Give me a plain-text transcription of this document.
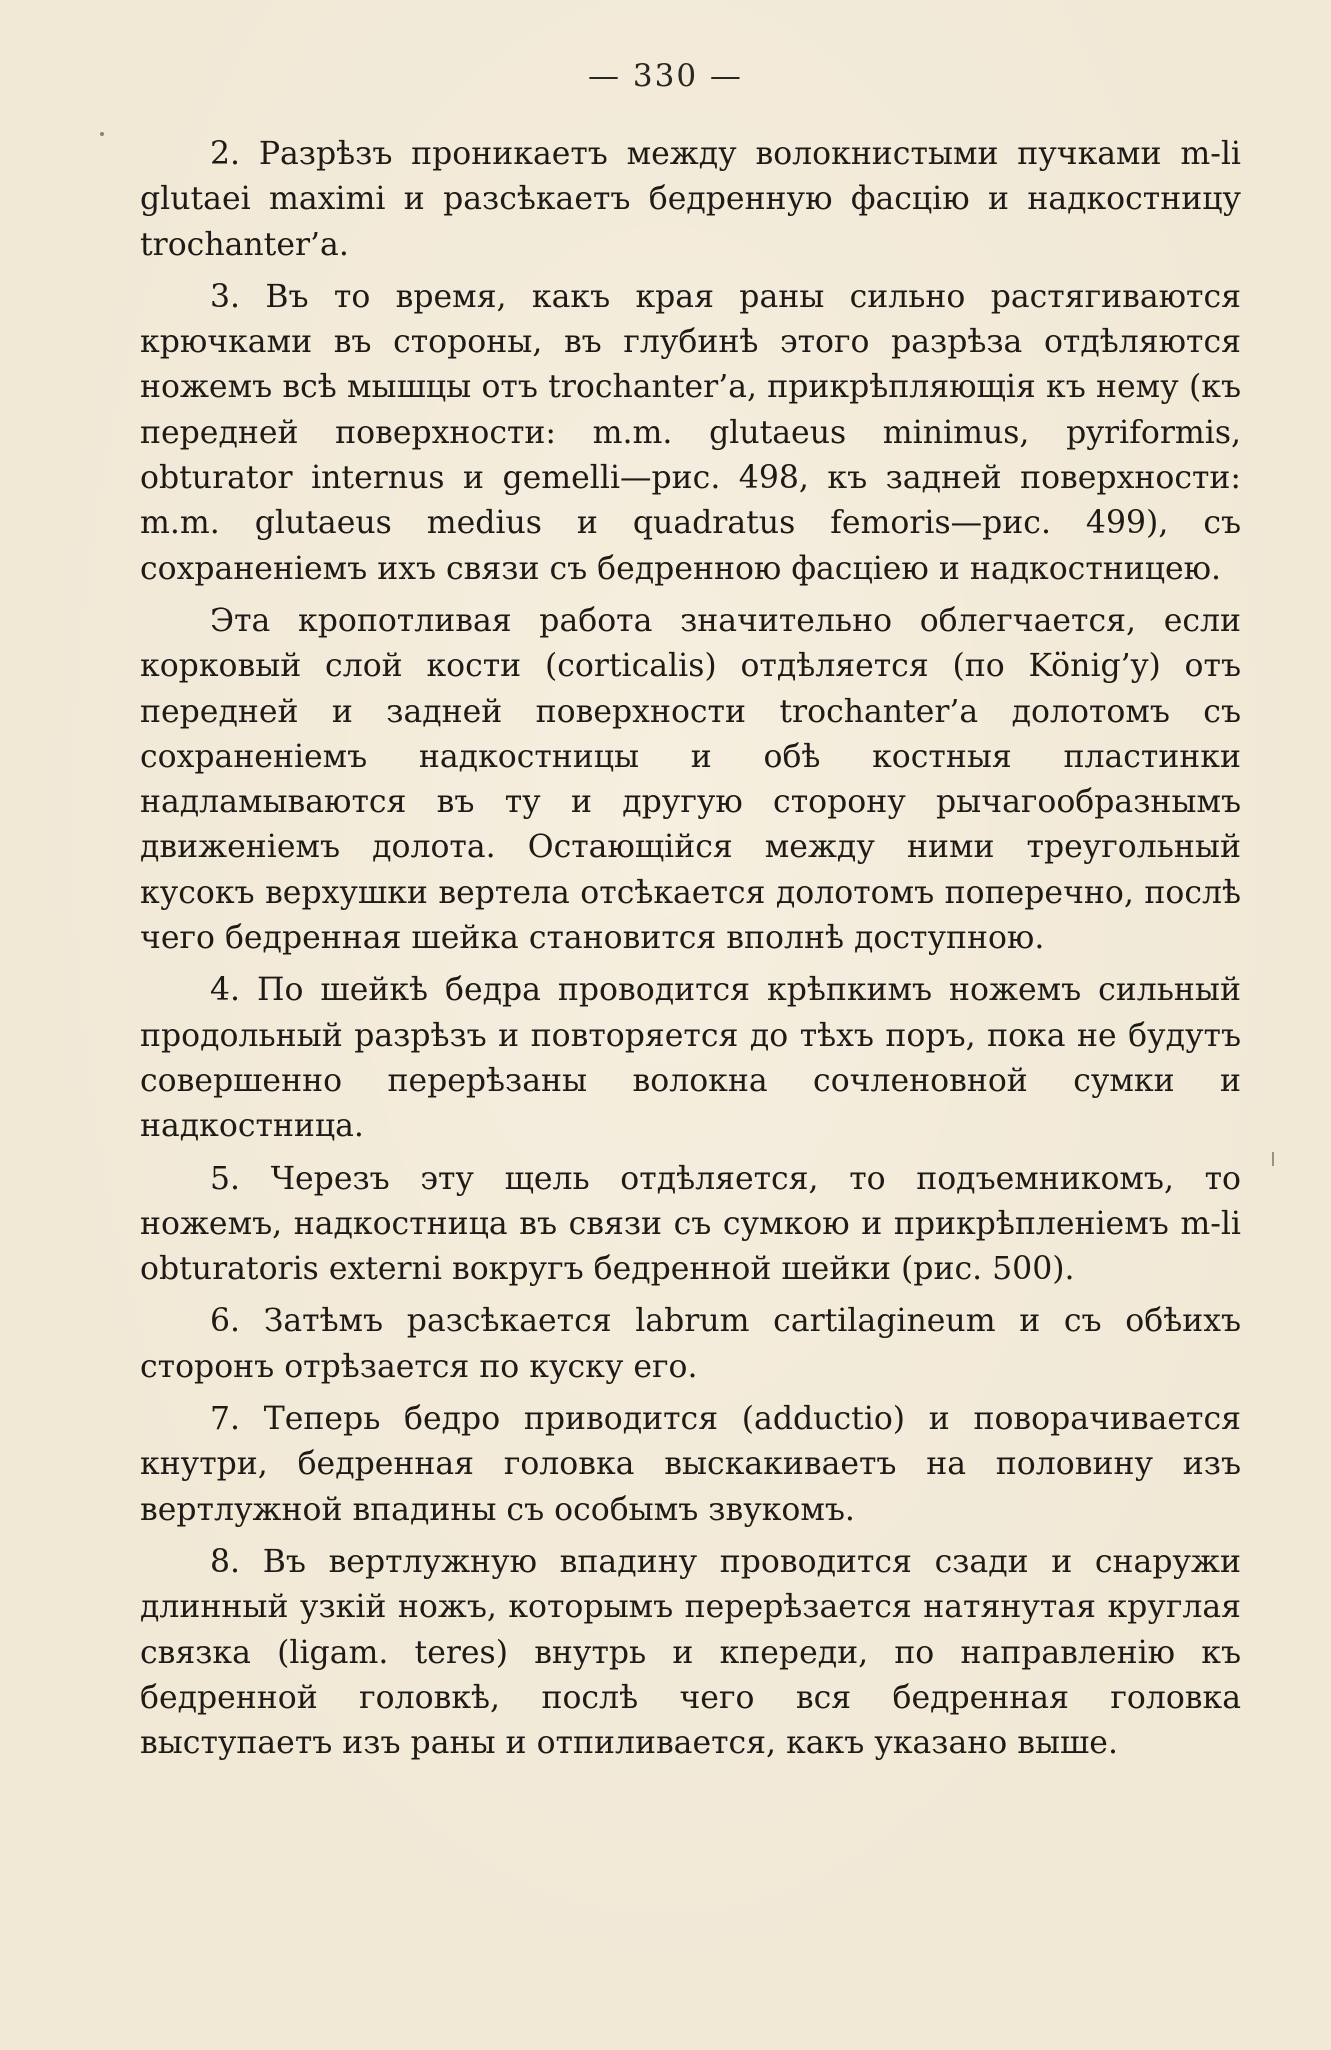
— 330 —

2. Разрѣзъ проникаетъ между волокнистыми пучками m-li glutaei maximi и разсѣкаетъ бедренную фасцію и надкостницу trochanter’a.

3. Въ то время, какъ края раны сильно растягиваются крючками въ стороны, въ глубинѣ этого разрѣза отдѣляются ножемъ всѣ мышцы отъ trochanter’a, прикрѣпляющія къ нему (къ передней поверхности: m.m. glutaeus minimus, pyriformis, obturator internus и gemelli—рис. 498, къ задней поверхности: m.m. glutaeus medius и quadratus femoris—рис. 499), съ сохраненіемъ ихъ связи съ бедренною фасціею и надкостницею.

Эта кропотливая работа значительно облегчается, если корковый слой кости (corticalis) отдѣляется (по König’y) отъ передней и задней поверхности trochanter’a долотомъ съ сохраненіемъ надкостницы и обѣ костныя пластинки надламываются въ ту и другую сторону рычагообразнымъ движеніемъ долота. Остающійся между ними треугольный кусокъ верхушки вертела отсѣкается долотомъ поперечно, послѣ чего бедренная шейка становится вполнѣ доступною.

4. По шейкѣ бедра проводится крѣпкимъ ножемъ сильный продольный разрѣзъ и повторяется до тѣхъ поръ, пока не будутъ совершенно перерѣзаны волокна сочленовной сумки и надкостница.

5. Черезъ эту щель отдѣляется, то подъемникомъ, то ножемъ, надкостница въ связи съ сумкою и прикрѣпленіемъ m-li obturatoris externi вокругъ бедренной шейки (рис. 500).

6. Затѣмъ разсѣкается labrum cartilagineum и съ обѣихъ сторонъ отрѣзается по куску его.

7. Теперь бедро приводится (adductio) и поворачивается кнутри, бедренная головка выскакиваетъ на половину изъ вертлужной впадины съ особымъ звукомъ.

8. Въ вертлужную впадину проводится сзади и снаружи длинный узкій ножъ, которымъ перерѣзается натянутая круглая связка (ligam. teres) внутрь и кпереди, по направленію къ бедренной головкѣ, послѣ чего вся бедренная головка выступаетъ изъ раны и отпиливается, какъ указано выше.
